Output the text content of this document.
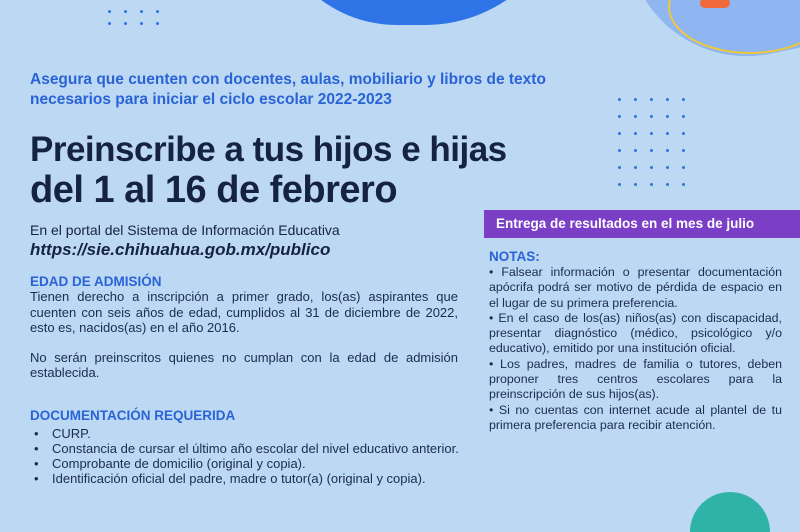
Asegura que cuenten con docentes, aulas, mobiliario y libros de texto necesarios para iniciar el ciclo escolar 2022-2023
Preinscribe a tus hijos e hijas
del 1 al 16 de febrero
En el portal del Sistema de Información Educativa
https://sie.chihuahua.gob.mx/publico
EDAD DE ADMISIÓN

Tienen derecho a inscripción a primer grado, los(as) aspirantes que cuenten con seis años de edad, cumplidos al 31 de diciembre de 2022, esto es, nacidos(as) en el año 2016.

No serán preinscritos quienes no cumplan con la edad de admisión establecida.

DOCUMENTACIÓN REQUERIDA
• CURP.
• Constancia de cursar el último año escolar del nivel educativo anterior.
• Comprobante de domicilio (original y copia).
• Identificación oficial del padre, madre o tutor(a) (original y copia).
Entrega de resultados en el mes de julio
NOTAS:
• Falsear información o presentar documentación apócrifa podrá ser motivo de pérdida de espacio en el lugar de su primera preferencia.
• En el caso de los(as) niños(as) con discapacidad, presentar diagnóstico (médico, psicológico y/o educativo), emitido por una institución oficial.
• Los padres, madres de familia o tutores, deben proponer tres centros escolares para la preinscripción de sus hijos(as).
• Si no cuentas con internet acude al plantel de tu primera preferencia para recibir atención.
